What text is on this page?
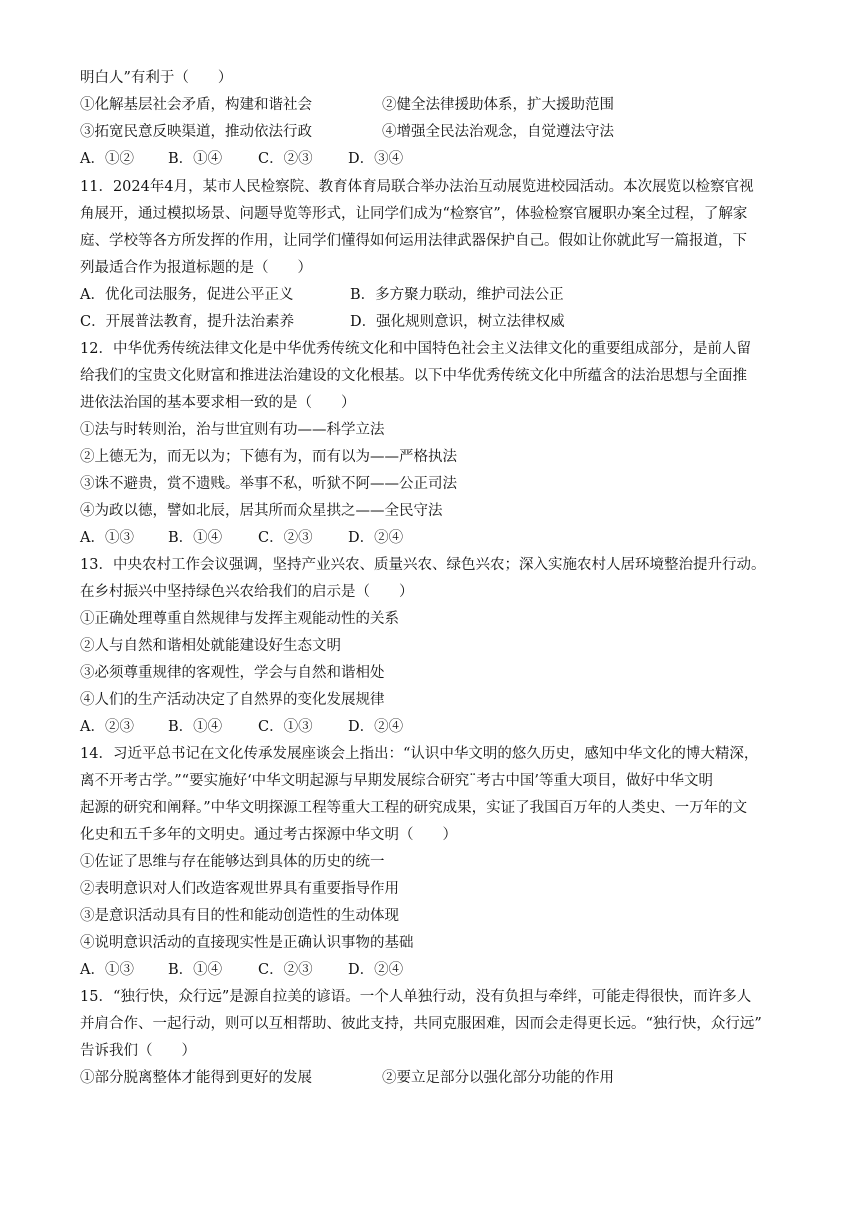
明白人”有利于（　　）
①化解基层社会矛盾，构建和谐社会	②健全法律援助体系，扩大援助范围
③拓宽民意反映渠道，推动依法行政	④增强全民法治观念，自觉遵法守法
A．①② B．①④ C．②③ D．③④
11．2024年4月，某市人民检察院、教育体育局联合举办法治互动展览进校园活动。本次展览以检察官视
角展开，通过模拟场景、问题导览等形式，让同学们成为“检察官”，体验检察官履职办案全过程，了解家
庭、学校等各方所发挥的作用，让同学们懂得如何运用法律武器保护自己。假如让你就此写一篇报道，下
列最适合作为报道标题的是（　　）
A．优化司法服务，促进公平正义	B．多方聚力联动，维护司法公正
C．开展普法教育，提升法治素养	D．强化规则意识，树立法律权威
12．中华优秀传统法律文化是中华优秀传统文化和中国特色社会主义法律文化的重要组成部分，是前人留
给我们的宝贵文化财富和推进法治建设的文化根基。以下中华优秀传统文化中所蕴含的法治思想与全面推
进依法治国的基本要求相一致的是（　　）
①法与时转则治，治与世宜则有功——科学立法
②上德无为，而无以为；下德有为，而有以为——严格执法
③诛不避贵，赏不遗贱。举事不私，听狱不阿——公正司法
④为政以德，譬如北辰，居其所而众星拱之——全民守法
A．①③ B．①④ C．②③ D．②④
13．中央农村工作会议强调，坚持产业兴农、质量兴农、绿色兴农；深入实施农村人居环境整治提升行动。
在乡村振兴中坚持绿色兴农给我们的启示是（　　）
①正确处理尊重自然规律与发挥主观能动性的关系
②人与自然和谐相处就能建设好生态文明
③必须尊重规律的客观性，学会与自然和谐相处
④人们的生产活动决定了自然界的变化发展规律
A．②③ B．①④ C．①③ D．②④
14．习近平总书记在文化传承发展座谈会上指出：“认识中华文明的悠久历史，感知中华文化的博大精深，
离不开考古学。”“要实施好‘中华文明起源与早期发展综合研究¨考古中国’等重大项目，做好中华文明
起源的研究和阐释。”中华文明探源工程等重大工程的研究成果，实证了我国百万年的人类史、一万年的文
化史和五千多年的文明史。通过考古探源中华文明（　　）
①佐证了思维与存在能够达到具体的历史的统一
②表明意识对人们改造客观世界具有重要指导作用
③是意识活动具有目的性和能动创造性的生动体现
④说明意识活动的直接现实性是正确认识事物的基础
A．①③ B．①④ C．②③ D．②④
15．“独行快，众行远”是源自拉美的谚语。一个人单独行动，没有负担与牵绊，可能走得很快，而许多人
并肩合作、一起行动，则可以互相帮助、彼此支持，共同克服困难，因而会走得更长远。“独行快，众行远”
告诉我们（　　）
①部分脱离整体才能得到更好的发展	②要立足部分以强化部分功能的作用
